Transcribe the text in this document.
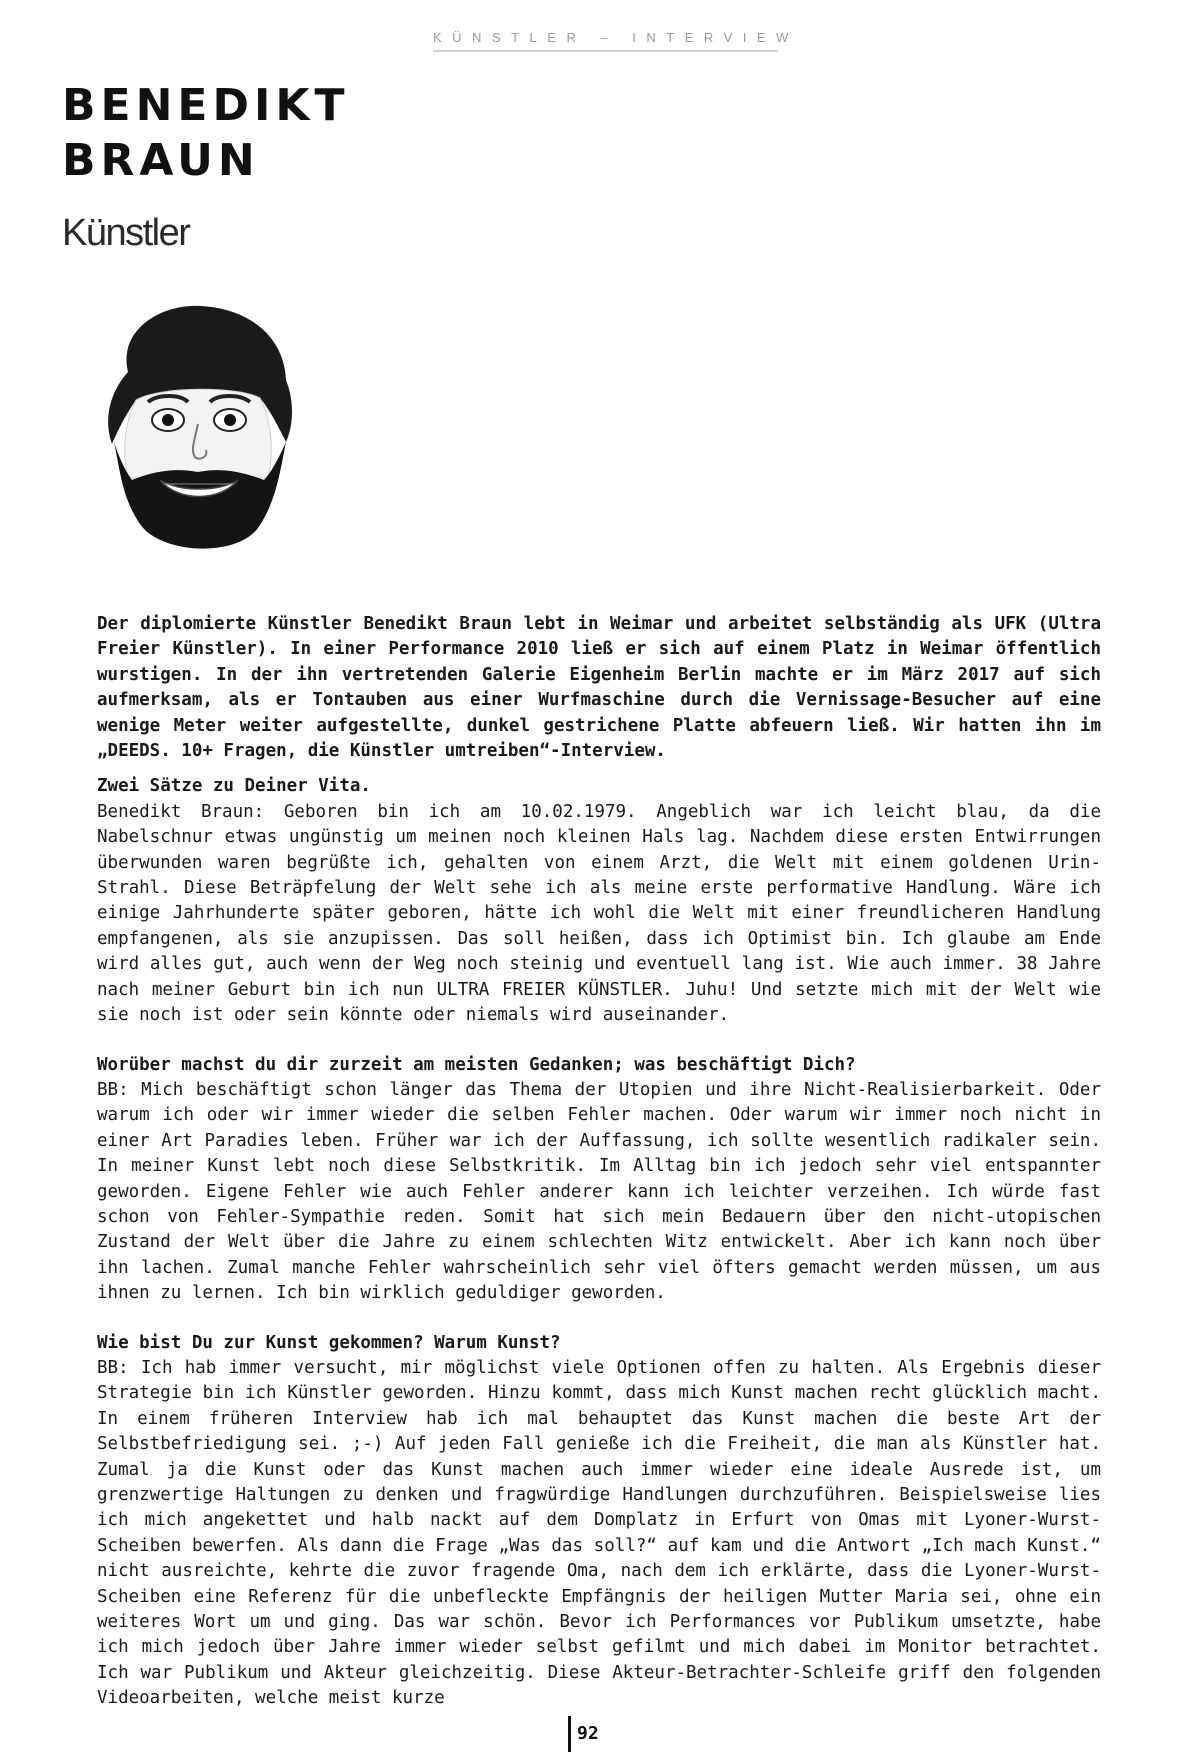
KÜNSTLER – INTERVIEW
BENEDIKT
BRAUN
Künstler

Der diplomierte Künstler Benedikt Braun lebt in Weimar und arbeitet selbständig als UFK (Ultra Freier Künstler). In einer Performance 2010 ließ er sich auf einem Platz in Weimar öffentlich wurstigen. In der ihn vertretenden Galerie Eigenheim Berlin machte er im März 2017 auf sich aufmerksam, als er Tontauben aus einer Wurfmaschine durch die Vernissage-Besucher auf eine wenige Meter weiter aufgestellte, dunkel gestrichene Platte abfeuern ließ. Wir hatten ihn im „DEEDS. 10+ Fragen, die Künstler umtreiben“-Interview.

Zwei Sätze zu Deiner Vita.

Benedikt Braun: Geboren bin ich am 10.02.1979. Angeblich war ich leicht blau, da die Nabelschnur etwas ungünstig um meinen noch kleinen Hals lag. Nachdem diese ersten Entwirrungen überwunden waren begrüßte ich, gehalten von einem Arzt, die Welt mit einem goldenen Urin-Strahl. Diese Beträpfelung der Welt sehe ich als meine erste performative Handlung. Wäre ich einige Jahrhunderte später geboren, hätte ich wohl die Welt mit einer freundlicheren Handlung empfangenen, als sie anzupissen. Das soll heißen, dass ich Optimist bin. Ich glaube am Ende wird alles gut, auch wenn der Weg noch steinig und eventuell lang ist. Wie auch immer. 38 Jahre nach meiner Geburt bin ich nun ULTRA FREIER KÜNSTLER. Juhu! Und setzte mich mit der Welt wie sie noch ist oder sein könnte oder niemals wird auseinander.

Worüber machst du dir zurzeit am meisten Gedanken; was beschäftigt Dich?

BB: Mich beschäftigt schon länger das Thema der Utopien und ihre Nicht-Realisierbarkeit. Oder warum ich oder wir immer wieder die selben Fehler machen. Oder warum wir immer noch nicht in einer Art Paradies leben. Früher war ich der Auffassung, ich sollte wesentlich radikaler sein. In meiner Kunst lebt noch diese Selbstkritik. Im Alltag bin ich jedoch sehr viel entspannter geworden. Eigene Fehler wie auch Fehler anderer kann ich leichter verzeihen. Ich würde fast schon von Fehler-Sympathie reden. Somit hat sich mein Bedauern über den nicht-utopischen Zustand der Welt über die Jahre zu einem schlechten Witz entwickelt. Aber ich kann noch über ihn lachen. Zumal manche Fehler wahrscheinlich sehr viel öfters gemacht werden müssen, um aus ihnen zu lernen. Ich bin wirklich geduldiger geworden.

Wie bist Du zur Kunst gekommen? Warum Kunst?

BB: Ich hab immer versucht, mir möglichst viele Optionen offen zu halten. Als Ergebnis dieser Strategie bin ich Künstler geworden. Hinzu kommt, dass mich Kunst machen recht glücklich macht. In einem früheren Interview hab ich mal behauptet das Kunst machen die beste Art der Selbstbefriedigung sei. ;-) Auf jeden Fall genieße ich die Freiheit, die man als Künstler hat. Zumal ja die Kunst oder das Kunst machen auch immer wieder eine ideale Ausrede ist, um grenzwertige Haltungen zu denken und fragwürdige Handlungen durchzuführen. Beispielsweise lies ich mich angekettet und halb nackt auf dem Domplatz in Erfurt von Omas mit Lyoner-Wurst-Scheiben bewerfen. Als dann die Frage „Was das soll?“ auf kam und die Antwort „Ich mach Kunst.“ nicht ausreichte, kehrte die zuvor fragende Oma, nach dem ich erklärte, dass die Lyoner-Wurst-Scheiben eine Referenz für die unbefleckte Empfängnis der heiligen Mutter Maria sei, ohne ein weiteres Wort um und ging. Das war schön. Bevor ich Performances vor Publikum umsetzte, habe ich mich jedoch über Jahre immer wieder selbst gefilmt und mich dabei im Monitor betrachtet. Ich war Publikum und Akteur gleichzeitig. Diese Akteur-Betrachter-Schleife griff den folgenden Videoarbeiten, welche meist kurze

92
